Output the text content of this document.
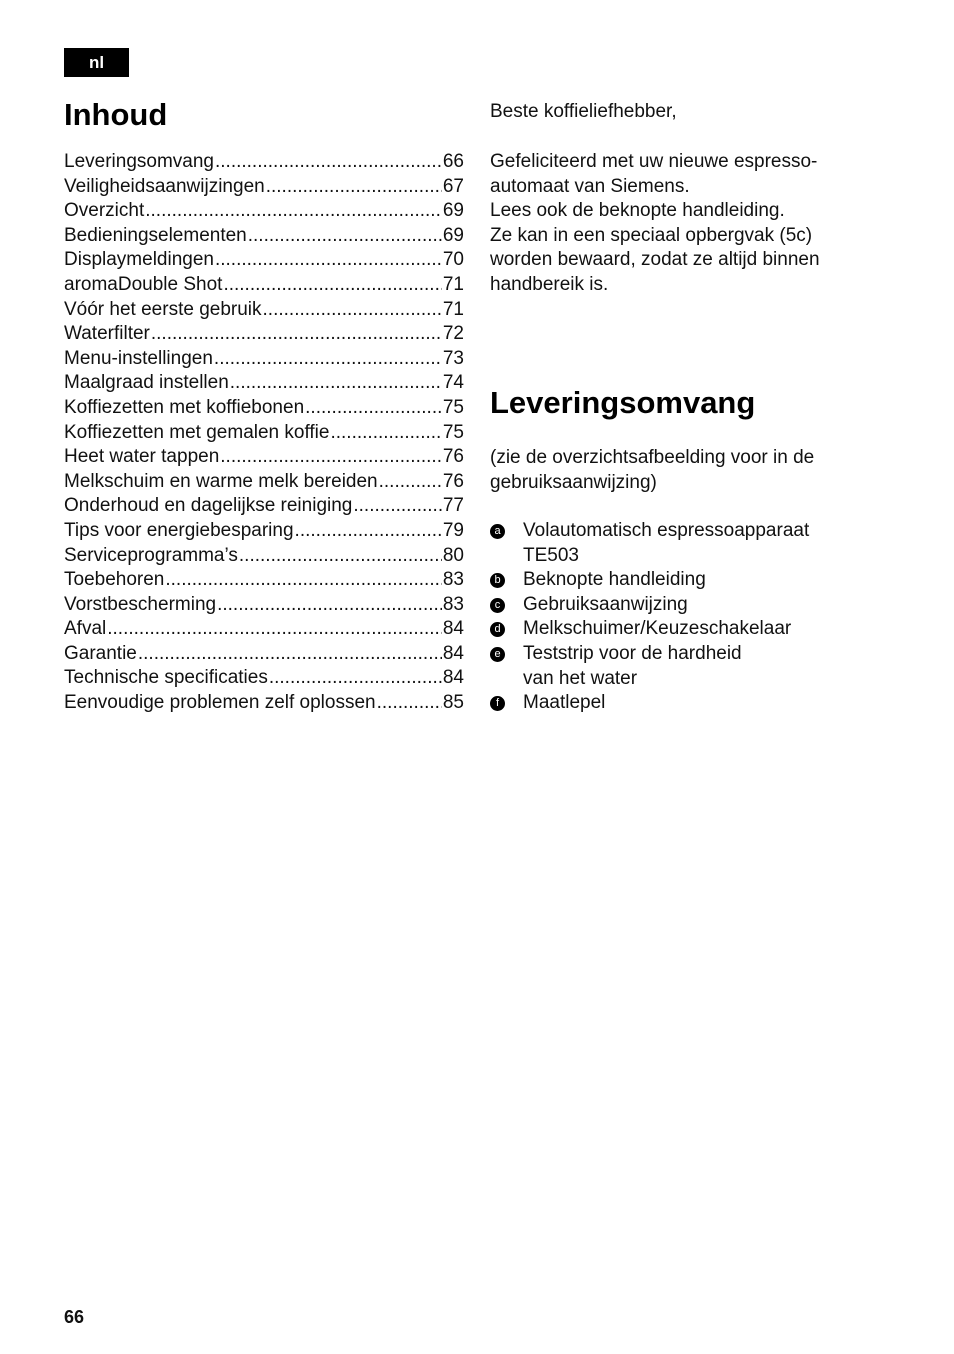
nl
Inhoud
Leveringsomvang .....	66
Veiligheidsaanwijzingen .....	67
Overzicht .....	69
Bedieningselementen .....	69
Displaymeldingen .....	70
aromaDouble Shot .....	71
Vóór het eerste gebruik .....	71
Waterfilter .....	72
Menu-instellingen .....	73
Maalgraad instellen .....	74
Koffiezetten met koffiebonen .....	75
Koffiezetten met gemalen koffie .....	75
Heet water tappen .....	76
Melkschuim en warme melk bereiden .....	76
Onderhoud en dagelijkse reiniging .....	77
Tips voor energiebesparing .....	79
Serviceprogramma’s .....	80
Toebehoren .....	83
Vorstbescherming .....	83
Afval .....	84
Garantie .....	84
Technische specificaties .....	84
Eenvoudige problemen zelf oplossen .....	85

Beste koffieliefhebber,

Gefeliciteerd met uw nieuwe espresso-
automaat van Siemens.
Lees ook de beknopte handleiding.
Ze kan in een speciaal opbergvak (5c)
worden bewaard, zodat ze altijd binnen
handbereik is.
Leveringsomvang
(zie de overzichtsafbeelding voor in de
gebruiksaanwijzing)
a Volautomatisch espressoapparaat
TE503
b Beknopte handleiding
c Gebruiksaanwijzing
d Melkschuimer/Keuzeschakelaar
e Teststrip voor de hardheid
van het water
f	Maatlepel
66
